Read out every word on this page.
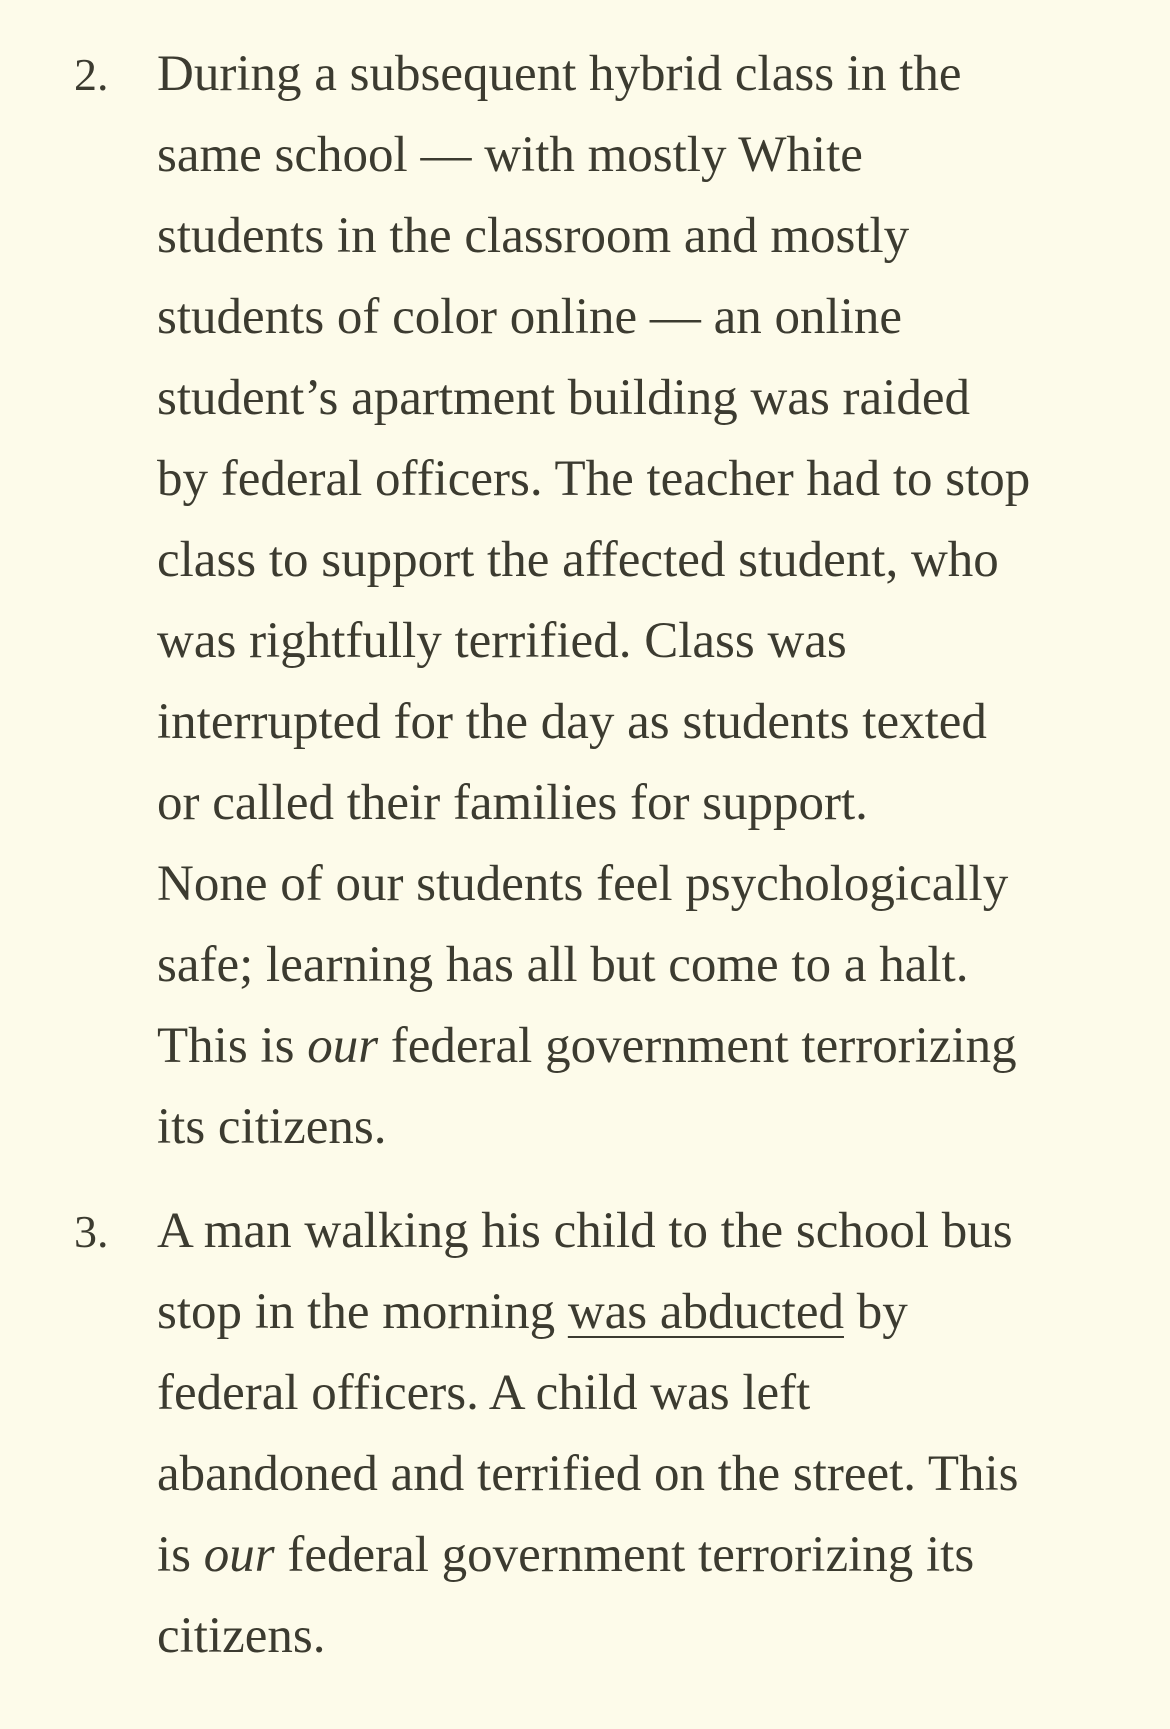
2. During a subsequent hybrid class in the
same school — with mostly White
students in the classroom and mostly
students of color online — an online
student’s apartment building was raided
by federal officers. The teacher had to stop
class to support the affected student, who
was rightfully terrified. Class was
interrupted for the day as students texted
or called their families for support.
None of our students feel psychologically
safe; learning has all but come to a halt.
This is our federal government terrorizing
its citizens.
3. A man walking his child to the school bus
stop in the morning was abducted by
federal officers. A child was left
abandoned and terrified on the street. This
is our federal government terrorizing its
citizens.
